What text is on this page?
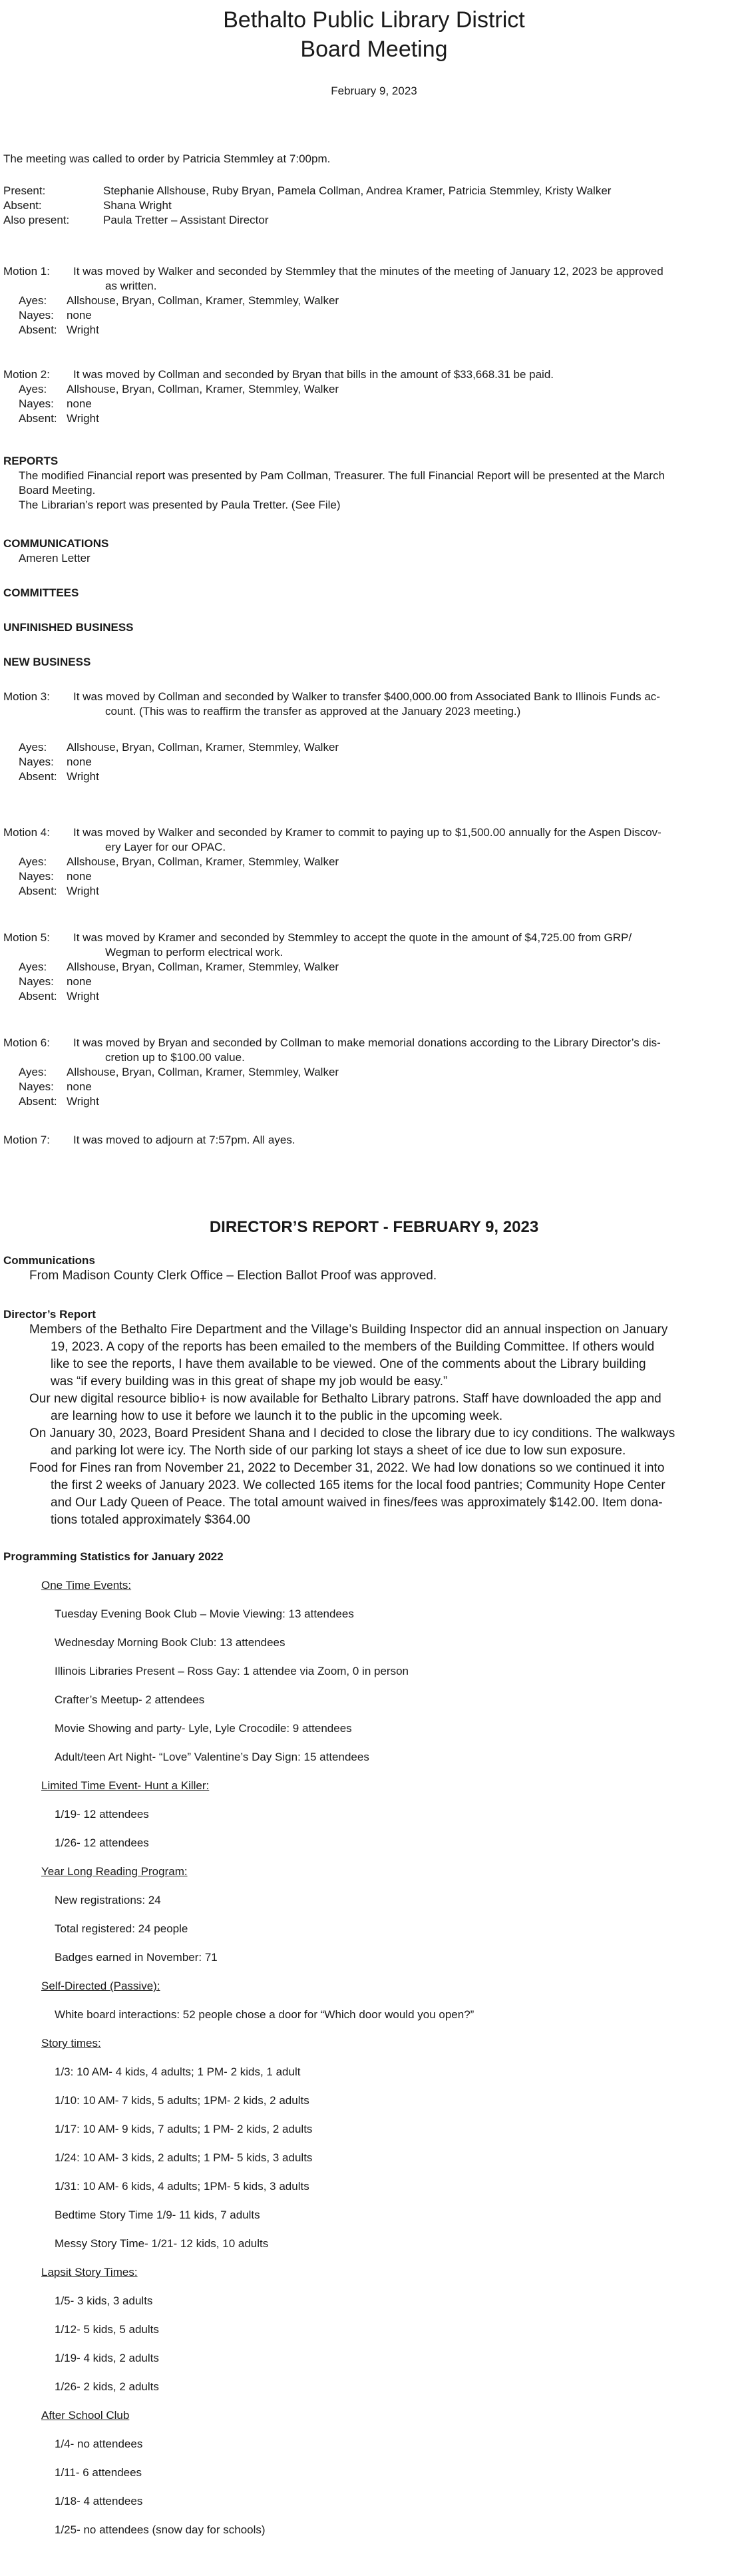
Bethalto Public Library District
Board Meeting
February 9, 2023
The meeting was called to order by Patricia Stemmley at 7:00pm.
Present:	Stephanie Allshouse, Ruby Bryan, Pamela Collman, Andrea Kramer, Patricia Stemmley, Kristy Walker
Absent:	Shana Wright
Also present:	Paula Tretter – Assistant Director
Motion 1: It was moved by Walker and seconded by Stemmley that the minutes of the meeting of January 12, 2023 be approved
as written.
Ayes: Allshouse, Bryan, Collman, Kramer, Stemmley, Walker
Nayes: none
Absent: Wright
Motion 2: It was moved by Collman and seconded by Bryan that bills in the amount of $33,668.31 be paid.
Ayes: Allshouse, Bryan, Collman, Kramer, Stemmley, Walker
Nayes: none
Absent: Wright
REPORTS
The modified Financial report was presented by Pam Collman, Treasurer. The full Financial Report will be presented at the March
Board Meeting.
The Librarian’s report was presented by Paula Tretter. (See File)
COMMUNICATIONS
Ameren Letter
COMMITTEES
UNFINISHED BUSINESS
NEW BUSINESS
Motion 3: It was moved by Collman and seconded by Walker to transfer $400,000.00 from Associated Bank to Illinois Funds ac-
count. (This was to reaffirm the transfer as approved at the January 2023 meeting.)
Ayes: Allshouse, Bryan, Collman, Kramer, Stemmley, Walker
Nayes: none
Absent: Wright
Motion 4: It was moved by Walker and seconded by Kramer to commit to paying up to $1,500.00 annually for the Aspen Discov-
ery Layer for our OPAC.
Ayes: Allshouse, Bryan, Collman, Kramer, Stemmley, Walker
Nayes: none
Absent: Wright
Motion 5: It was moved by Kramer and seconded by Stemmley to accept the quote in the amount of $4,725.00 from GRP/
Wegman to perform electrical work.
Ayes: Allshouse, Bryan, Collman, Kramer, Stemmley, Walker
Nayes: none
Absent: Wright
Motion 6: It was moved by Bryan and seconded by Collman to make memorial donations according to the Library Director’s dis-
cretion up to $100.00 value.
Ayes: Allshouse, Bryan, Collman, Kramer, Stemmley, Walker
Nayes: none
Absent: Wright
Motion 7: It was moved to adjourn at 7:57pm. All ayes.
DIRECTOR’S REPORT - FEBRUARY 9, 2023
Communications
From Madison County Clerk Office – Election Ballot Proof was approved.
Director’s Report
Members of the Bethalto Fire Department and the Village’s Building Inspector did an annual inspection on January
19, 2023. A copy of the reports has been emailed to the members of the Building Committee. If others would
like to see the reports, I have them available to be viewed. One of the comments about the Library building
was “if every building was in this great of shape my job would be easy.”
Our new digital resource biblio+ is now available for Bethalto Library patrons. Staff have downloaded the app and
are learning how to use it before we launch it to the public in the upcoming week.
On January 30, 2023, Board President Shana and I decided to close the library due to icy conditions. The walkways
and parking lot were icy. The North side of our parking lot stays a sheet of ice due to low sun exposure.
Food for Fines ran from November 21, 2022 to December 31, 2022. We had low donations so we continued it into
the first 2 weeks of January 2023. We collected 165 items for the local food pantries; Community Hope Center
and Our Lady Queen of Peace. The total amount waived in fines/fees was approximately $142.00. Item dona-
tions totaled approximately $364.00
Programming Statistics for January 2022
One Time Events:
Tuesday Evening Book Club – Movie Viewing: 13 attendees
Wednesday Morning Book Club: 13 attendees
Illinois Libraries Present – Ross Gay: 1 attendee via Zoom, 0 in person
Crafter’s Meetup- 2 attendees
Movie Showing and party- Lyle, Lyle Crocodile: 9 attendees
Adult/teen Art Night- “Love” Valentine’s Day Sign: 15 attendees
Limited Time Event- Hunt a Killer:
1/19- 12 attendees
1/26- 12 attendees
Year Long Reading Program:
New registrations: 24
Total registered: 24 people
Badges earned in November: 71
Self-Directed (Passive):
White board interactions: 52 people chose a door for “Which door would you open?”
Story times:
1/3: 10 AM- 4 kids, 4 adults; 1 PM- 2 kids, 1 adult
1/10: 10 AM- 7 kids, 5 adults; 1PM- 2 kids, 2 adults
1/17: 10 AM- 9 kids, 7 adults; 1 PM- 2 kids, 2 adults
1/24: 10 AM- 3 kids, 2 adults; 1 PM- 5 kids, 3 adults
1/31: 10 AM- 6 kids, 4 adults; 1PM- 5 kids, 3 adults
Bedtime Story Time 1/9- 11 kids, 7 adults
Messy Story Time- 1/21- 12 kids, 10 adults
Lapsit Story Times:
1/5- 3 kids, 3 adults
1/12- 5 kids, 5 adults
1/19- 4 kids, 2 adults
1/26- 2 kids, 2 adults
After School Club
1/4- no attendees
1/11- 6 attendees
1/18- 4 attendees
1/25- no attendees (snow day for schools)
